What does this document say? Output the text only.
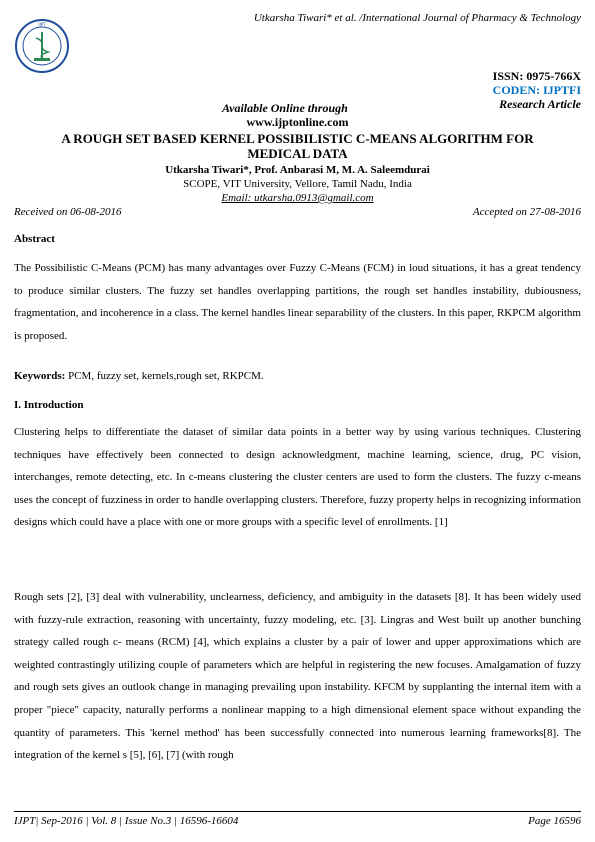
Utkarsha Tiwari* et al. /International Journal of Pharmacy & Technology
IJPT
ISSN: 0975-766X
CODEN: IJPTFI
Research Article
Available Online through
www.ijptonline.com
A ROUGH SET BASED KERNEL POSSIBILISTIC C-MEANS ALGORITHM FOR MEDICAL DATA
Utkarsha Tiwari*, Prof. Anbarasi M, M. A. Saleemdurai
SCOPE, VIT University, Vellore, Tamil Nadu, India
Email: utkarsha.0913@gmail.com
Received on 06-08-2016	Accepted on 27-08-2016
Abstract
The Possibilistic C-Means (PCM) has many advantages over Fuzzy C-Means (FCM) in loud situations, it has a great tendency to produce similar clusters. The fuzzy set handles overlapping partitions, the rough set handles instability, dubiousness, fragmentation, and incoherence in a class. The kernel handles linear separability of the clusters. In this paper, RKPCM algorithm is proposed.
Keywords: PCM, fuzzy set, kernels,rough set, RKPCM.
I. Introduction
Clustering helps to differentiate the dataset of similar data points in a better way by using various techniques. Clustering techniques have effectively been connected to design acknowledgment, machine learning, science, drug, PC vision, interchanges, remote detecting, etc. In c-means clustering the cluster centers are used to form the clusters. The fuzzy c-means uses the concept of fuzziness in order to handle overlapping clusters. Therefore, fuzzy property helps in recognizing information designs which could have a place with one or more groups with a specific level of enrollments. [1]
Rough sets [2], [3] deal with vulnerability, unclearness, deficiency, and ambiguity in the datasets [8]. It has been widely used with fuzzy-rule extraction, reasoning with uncertainty, fuzzy modeling, etc. [3]. Lingras and West built up another bunching strategy called rough c- means (RCM) [4], which explains a cluster by a pair of lower and upper approximations which are weighted contrastingly utilizing couple of parameters which are helpful in registering the new focuses. Amalgamation of fuzzy and rough sets gives an outlook change in managing prevailing upon instability. KFCM by supplanting the internal item with a proper "piece" capacity, naturally performs a nonlinear mapping to a high dimensional element space without expanding the quantity of parameters. This 'kernel method' has been successfully connected into numerous learning frameworks[8]. The integration of the kernel s [5], [6], [7] (with rough
IJPT| Sep-2016 | Vol. 8 | Issue No.3 | 16596-16604	Page 16596
